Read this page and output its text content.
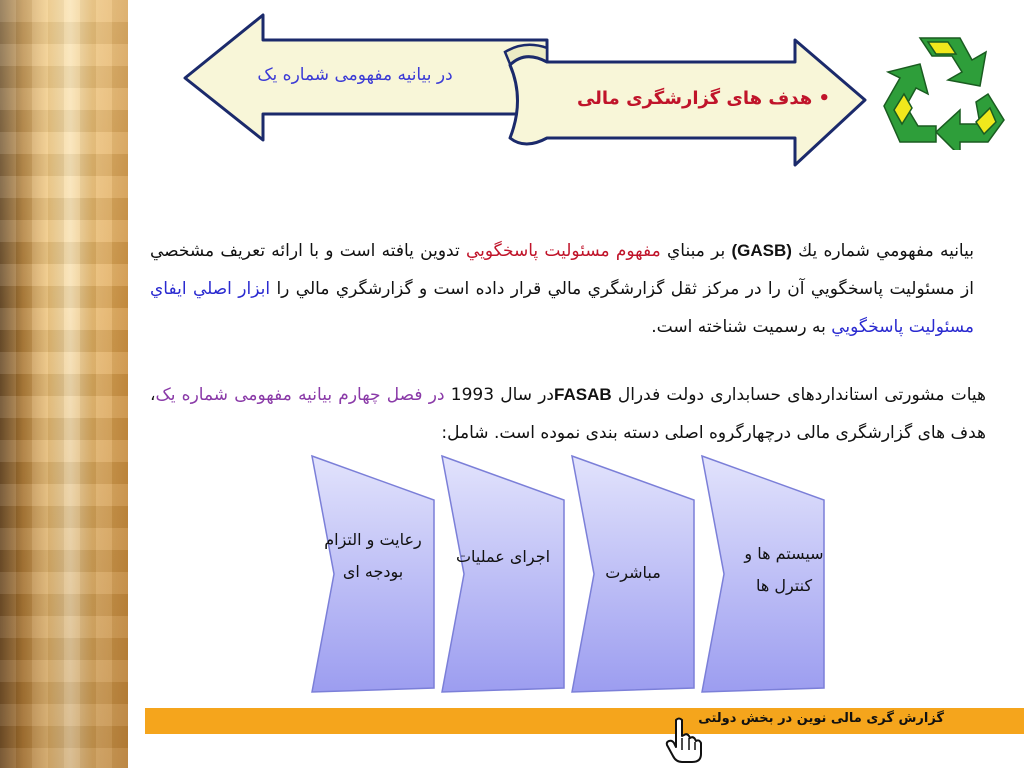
در بیانیه مفهومی شماره یک
• هدف های گزارشگری مالی
بيانيه مفهومي شماره يك (GASB) بر مبناي مفهوم مسئوليت پاسخگويي تدوين يافته است و با ارائه تعريف مشخصي از مسئوليت پاسخگويي آن را در مركز ثقل گزارشگري مالي قرار داده است و گزارشگري مالي را ابزار اصلي ايفاي مسئوليت پاسخگويي به رسميت شناخته است.
هیات مشورتی استانداردهای حسابداری دولت فدرال FASABدر سال 1993 در فصل چهارم بیانیه مفهومی شماره یک، هدف های گزارشگری مالی درچهارگروه اصلی دسته بندی نموده است. شامل:
سیستم ها و کنترل ها
مباشرت
اجرای عملیات
رعایت و التزام بودجه ای
گزارش گری مالی نوین در بخش دولتی
